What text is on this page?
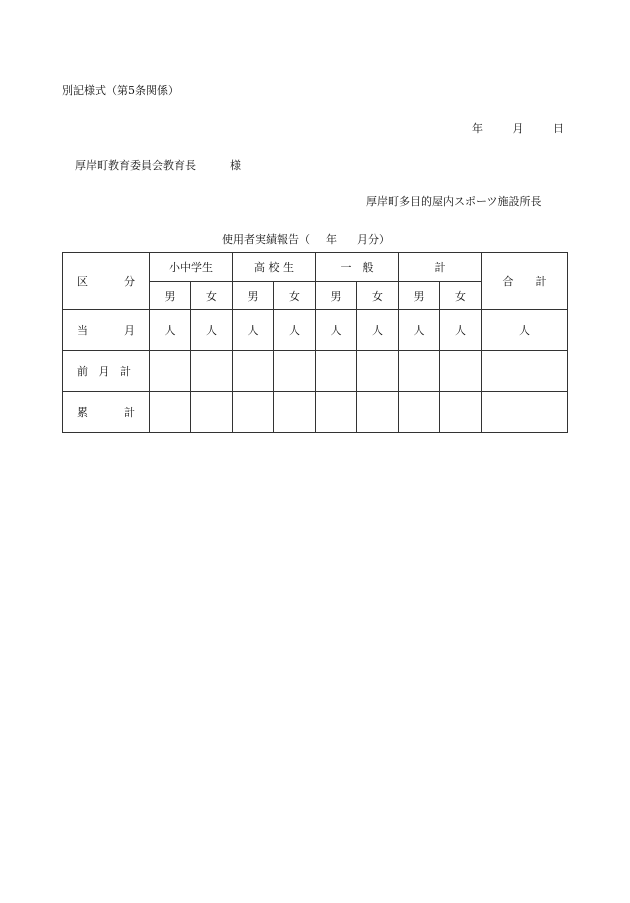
別記様式（第5条関係）
年	月	日
厚岸町教育委員会教育長	様
厚岸町多目的屋内スポーツ施設所長
使用者実績報告（ 年 月分）
区 分	小中学生		高 校 生		一　般		計		合 計
	男	女	男	女	男	女	男	女	

当 月	人	人	人	人	人	人	人	人	人

前 月 計									

累 計									
